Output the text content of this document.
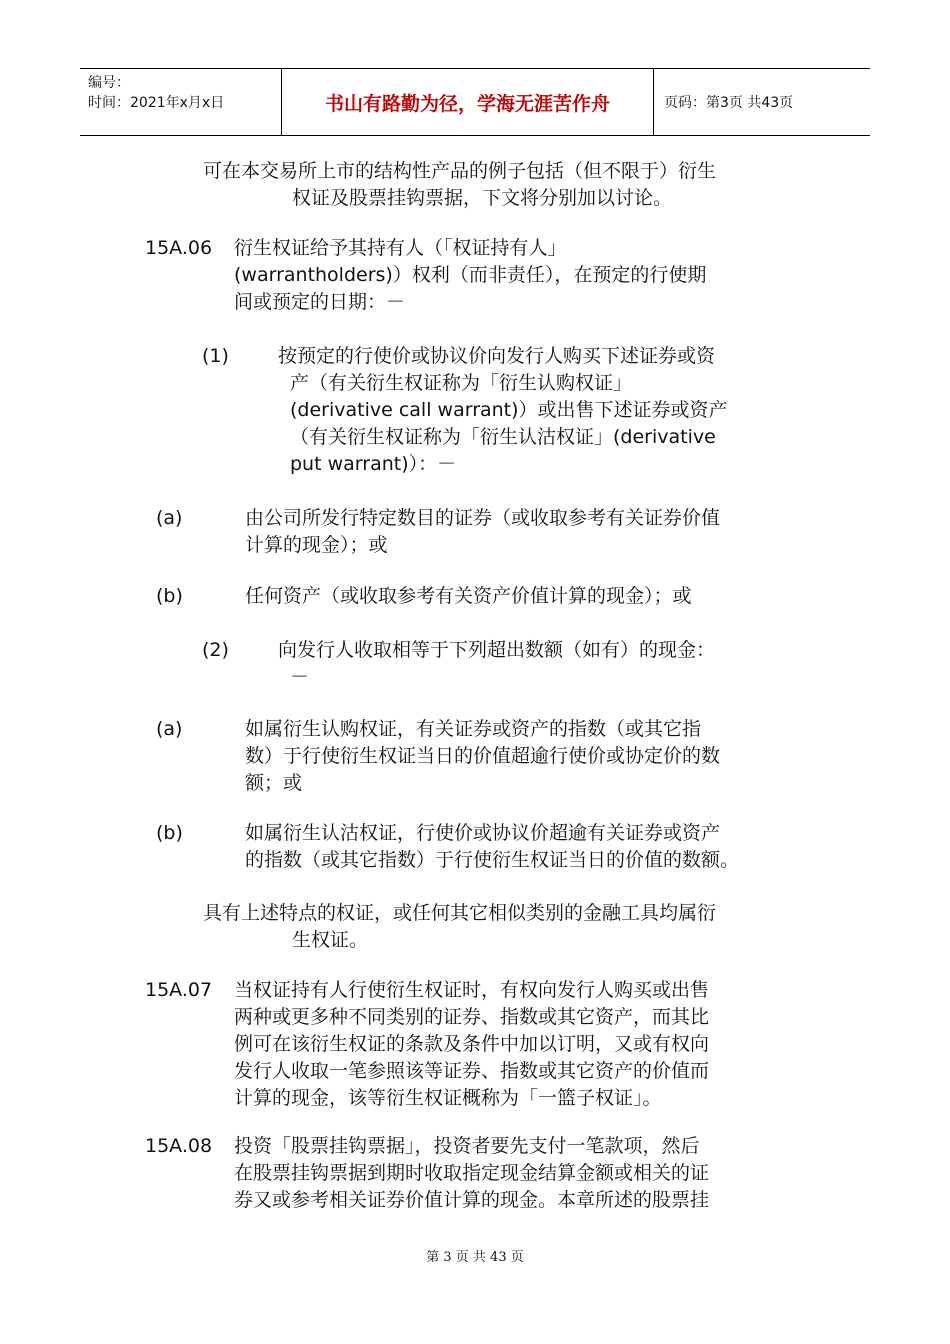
编号：
时间：2021年x月x日	书山有路勤为径，学海无涯苦作舟	页码：第3页 共43页
可在本交易所上市的结构性产品的例子包括（但不限于）衍生
权证及股票挂钩票据，下文将分别加以讨论。
15A.06 衍生权证给予其持有人（「权证持有人」
(warrantholders)）权利（而非责任），在预定的行使期
间或预定的日期：－
(1)	按预定的行使价或协议价向发行人购买下述证券或资
产（有关衍生权证称为「衍生认购权证」
(derivative call warrant)）或出售下述证券或资产
（有关衍生权证称为「衍生认沽权证」(derivative
put warrant)）：－
(a)	由公司所发行特定数目的证券（或收取参考有关证券价值
计算的现金）；或
(b)	任何资产（或收取参考有关资产价值计算的现金）；或
(2)	向发行人收取相等于下列超出数额（如有）的现金：
－
(a)	如属衍生认购权证，有关证券或资产的指数（或其它指
数）于行使衍生权证当日的价值超逾行使价或协定价的数
额；或
(b)	如属衍生认沽权证，行使价或协议价超逾有关证券或资产
的指数（或其它指数）于行使衍生权证当日的价值的数额。
具有上述特点的权证，或任何其它相似类别的金融工具均属衍
生权证。
15A.07 当权证持有人行使衍生权证时，有权向发行人购买或出售
两种或更多种不同类别的证券、指数或其它资产，而其比
例可在该衍生权证的条款及条件中加以订明，又或有权向
发行人收取一笔参照该等证券、指数或其它资产的价值而
计算的现金，该等衍生权证概称为「一篮子权证」。
15A.08 投资「股票挂钩票据」，投资者要先支付一笔款项，然后
在股票挂钩票据到期时收取指定现金结算金额或相关的证
券又或参考相关证券价值计算的现金。本章所述的股票挂
第 3 页 共 43 页
